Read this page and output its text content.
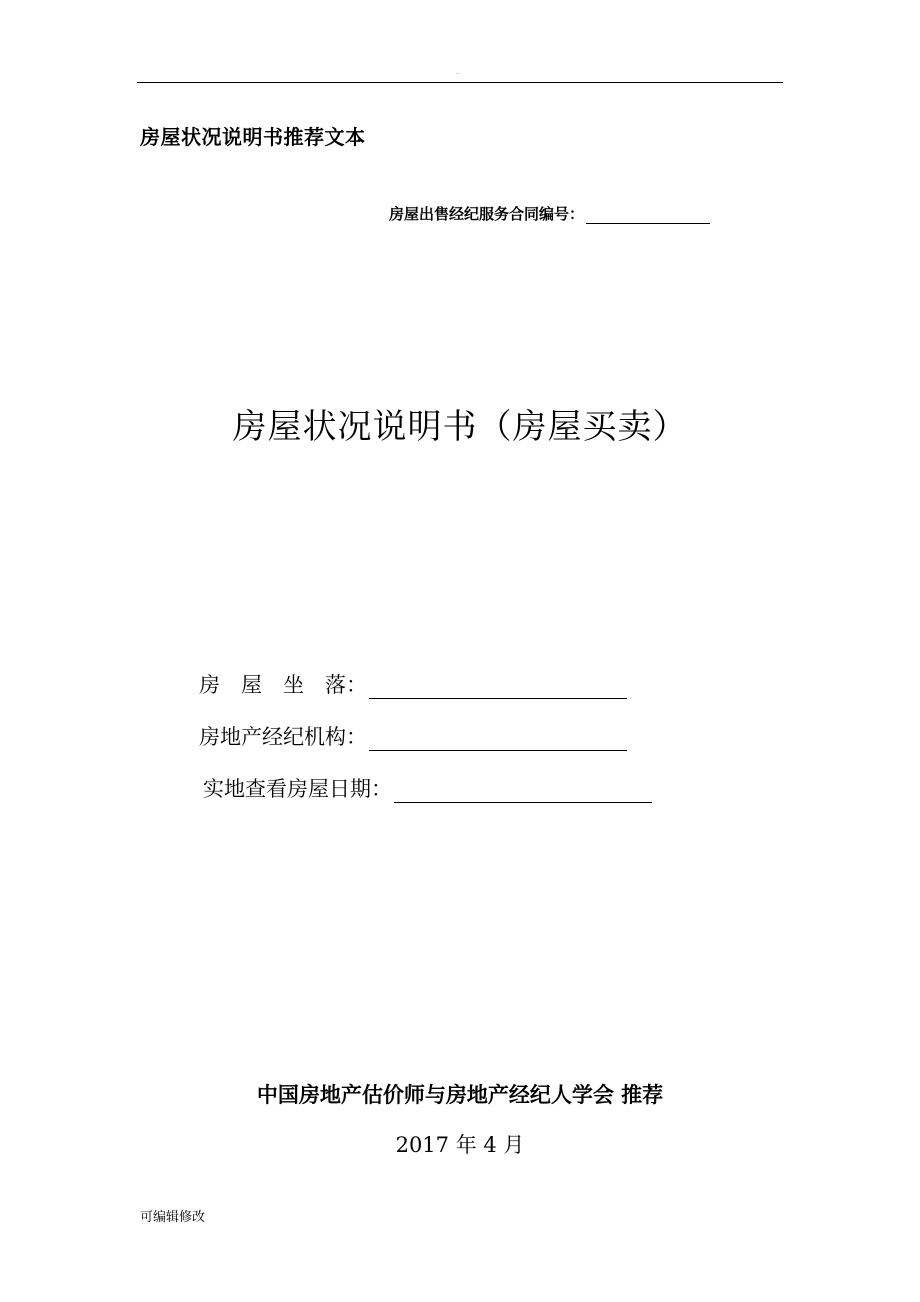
.
房屋状况说明书推荐文本
房屋出售经纪服务合同编号：
房屋状况说明书（房屋买卖）
房　屋　坐　落：
房地产经纪机构：
实地查看房屋日期：
中国房地产估价师与房地产经纪人学会 推荐
2017 年 4 月
可编辑修改
